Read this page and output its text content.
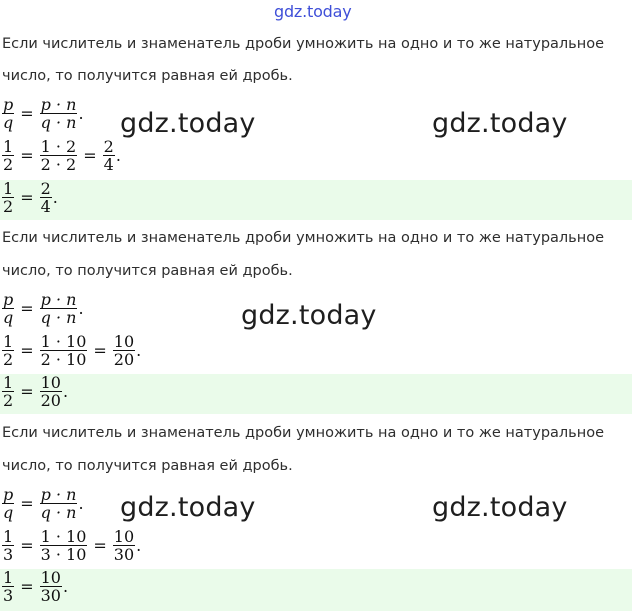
gdz.today
Если числитель и знаменатель дроби умножить на одно и то же натуральное
число, то получится равная ей дробь.
$\frac{p}{q} = \frac{p \cdot n}{q \cdot n}$ .
$\frac{1}{2} = \frac{1 \cdot 2}{2 \cdot 2} = \frac{2}{4}$ .
$\frac{1}{2} = \frac{2}{4}$ .
gdz.today	gdz.today
Если числитель и знаменатель дроби умножить на одно и то же натуральное
число, то получится равная ей дробь.
$\frac{p}{q} = \frac{p \cdot n}{q \cdot n}$ .
$\frac{1}{2} = \frac{1 \cdot 10}{2 \cdot 10} = \frac{10}{20}$ .
$\frac{1}{2} = \frac{10}{20}$ .
gdz.today
Если числитель и знаменатель дроби умножить на одно и то же натуральное
число, то получится равная ей дробь.
$\frac{p}{q} = \frac{p \cdot n}{q \cdot n}$ .
$\frac{1}{3} = \frac{1 \cdot 10}{3 \cdot 10} = \frac{10}{30}$ .
$\frac{1}{3} = \frac{10}{30}$ .
gdz.today	gdz.today
